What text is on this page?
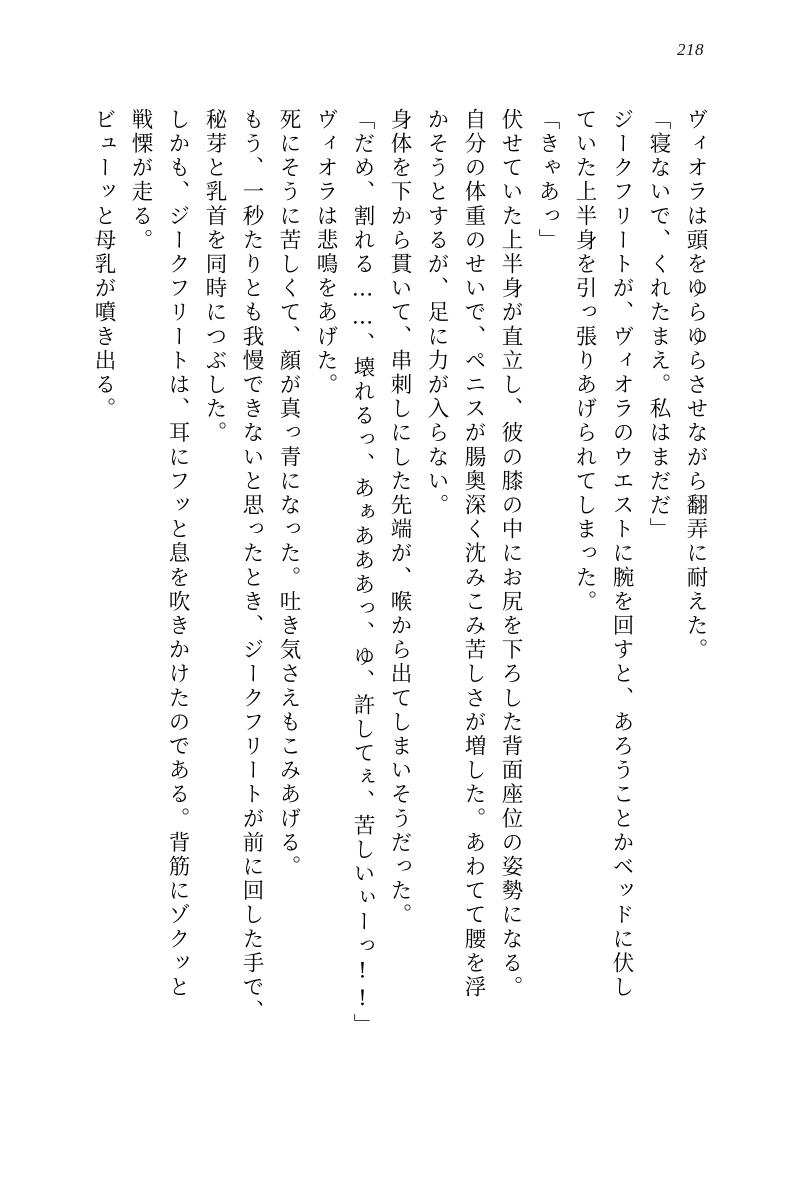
218
ヴィオラは頭をゆらゆらさせながら翻弄に耐えた。
「寝ないで、くれたまえ。私はまだだ」
ジークフリートが、ヴィオラのウエストに腕を回すと、あろうことかベッドに伏し
ていた上半身を引っ張りあげられてしまった。
「きゃあっ」
伏せていた上半身が直立し、彼の膝の中にお尻を下ろした背面座位の姿勢になる。
自分の体重のせいで、ペニスが腸奥深く沈みこみ苦しさが増した。あわてて腰を浮
かそうとするが、足に力が入らない。
身体を下から貫いて、串刺しにした先端が、喉から出てしまいそうだった。
「だめ、割れる……、壊れるっ、あぁあああっ、ゆ、許してぇ、苦しいぃーっ!!」
ヴィオラは悲鳴をあげた。
死にそうに苦しくて、顔が真っ青になった。吐き気さえもこみあげる。
もう、一秒たりとも我慢できないと思ったとき、ジークフリートが前に回した手で、
秘芽と乳首を同時につぶした。
しかも、ジークフリートは、耳にフッと息を吹きかけたのである。背筋にゾクッと
戦慄が走る。
ビューッと母乳が噴き出る。
